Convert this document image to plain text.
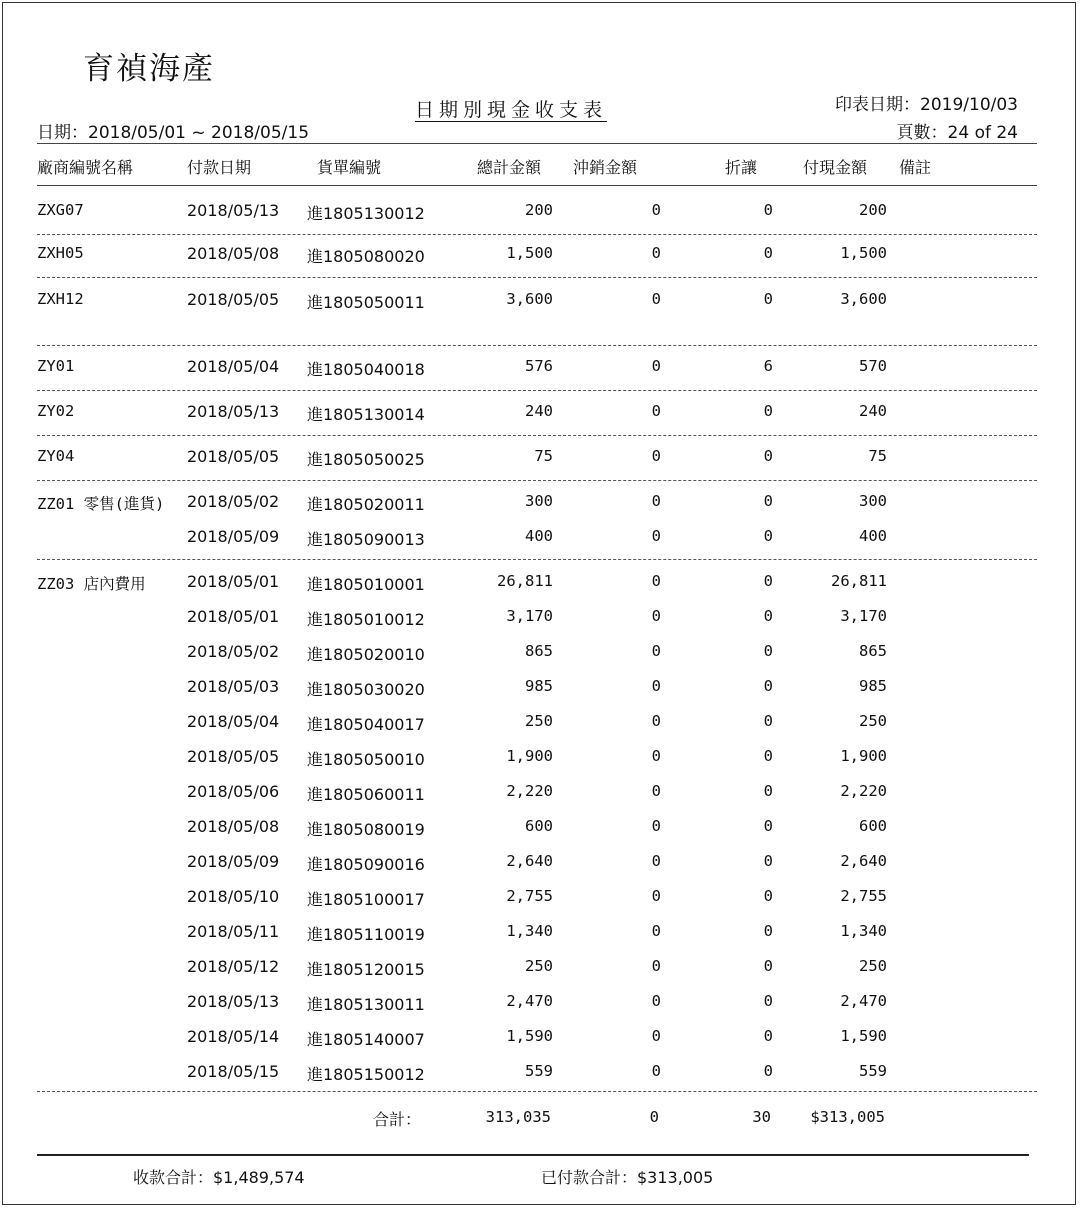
育禎海產
日期別現金收支表
日期：2018/05/01 ~ 2018/05/15
印表日期：2019/10/03
頁數：24 of 24
廠商編號名稱	付款日期	貨單編號	總計金額 沖銷金額	折讓	付現金額 備註
ZXG07	2018/05/13 進1805130012	200	0	0	200
ZXH05	2018/05/08 進1805080020	1,500	0	0	1,500
ZXH12	2018/05/05 進1805050011	3,600	0	0	3,600
ZY01	2018/05/04 進1805040018	576	0	6	570
ZY02	2018/05/13 進1805130014	240	0	0	240
ZY04	2018/05/05 進1805050025	75	0	0	75
ZZ01 零售(進貨) 2018/05/02 進1805020011	300	0	0	300
2018/05/09 進1805090013	400	0	0	400
ZZ03 店內費用	2018/05/01 進1805010001	26,811	0	0	26,811
2018/05/01 進1805010012	3,170	0	0	3,170
2018/05/02 進1805020010	865	0	0	865
2018/05/03 進1805030020	985	0	0	985
2018/05/04 進1805040017	250	0	0	250
2018/05/05 進1805050010	1,900	0	0	1,900
2018/05/06 進1805060011	2,220	0	0	2,220
2018/05/08 進1805080019	600	0	0	600
2018/05/09 進1805090016	2,640	0	0	2,640
2018/05/10 進1805100017	2,755	0	0	2,755
2018/05/11 進1805110019	1,340	0	0	1,340
2018/05/12 進1805120015	250	0	0	250
2018/05/13 進1805130011	2,470	0	0	2,470
2018/05/14 進1805140007	1,590	0	0	1,590
2018/05/15 進1805150012	559	0	0	559
合計：	313,035	0	30	$313,005
收款合計：$1,489,574	已付款合計：$313,005
